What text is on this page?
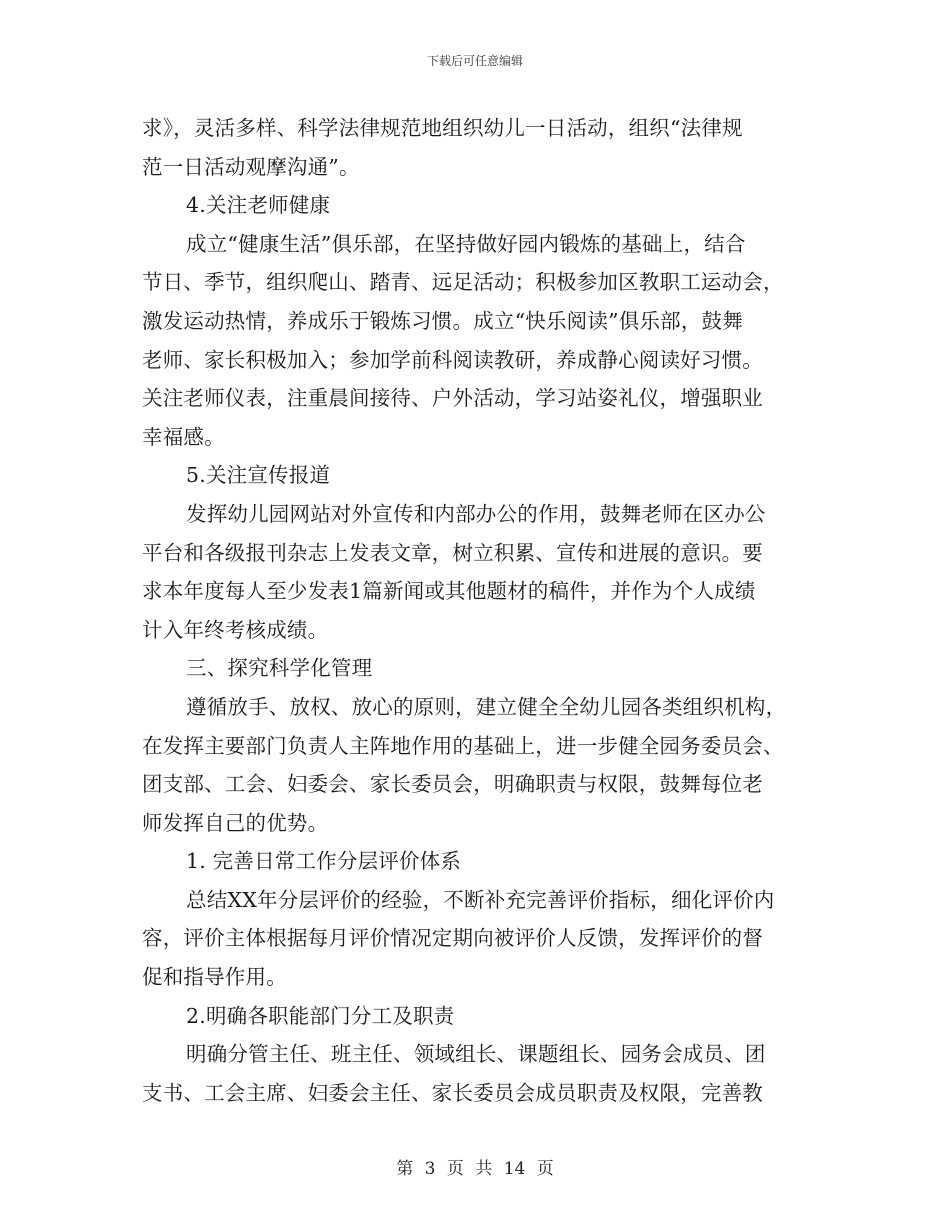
下载后可任意编辑
求》，灵活多样、科学法律规范地组织幼儿一日活动，组织“法律规
范一日活动观摩沟通”。
4.关注老师健康
成立“健康生活”俱乐部，在坚持做好园内锻炼的基础上，结合
节日、季节，组织爬山、踏青、远足活动；积极参加区教职工运动会，
激发运动热情，养成乐于锻炼习惯。成立“快乐阅读”俱乐部，鼓舞
老师、家长积极加入；参加学前科阅读教研，养成静心阅读好习惯。
关注老师仪表，注重晨间接待、户外活动，学习站姿礼仪，增强职业
幸福感。
5.关注宣传报道
发挥幼儿园网站对外宣传和内部办公的作用，鼓舞老师在区办公
平台和各级报刊杂志上发表文章，树立积累、宣传和进展的意识。要
求本年度每人至少发表1篇新闻或其他题材的稿件，并作为个人成绩
计入年终考核成绩。
三、探究科学化管理
遵循放手、放权、放心的原则，建立健全全幼儿园各类组织机构，
在发挥主要部门负责人主阵地作用的基础上，进一步健全园务委员会、
团支部、工会、妇委会、家长委员会，明确职责与权限，鼓舞每位老
师发挥自己的优势。
1. 完善日常工作分层评价体系
总结XX年分层评价的经验，不断补充完善评价指标，细化评价内
容，评价主体根据每月评价情况定期向被评价人反馈，发挥评价的督
促和指导作用。
2.明确各职能部门分工及职责
明确分管主任、班主任、领域组长、课题组长、园务会成员、团
支书、工会主席、妇委会主任、家长委员会成员职责及权限，完善教
第 3 页 共 14 页
